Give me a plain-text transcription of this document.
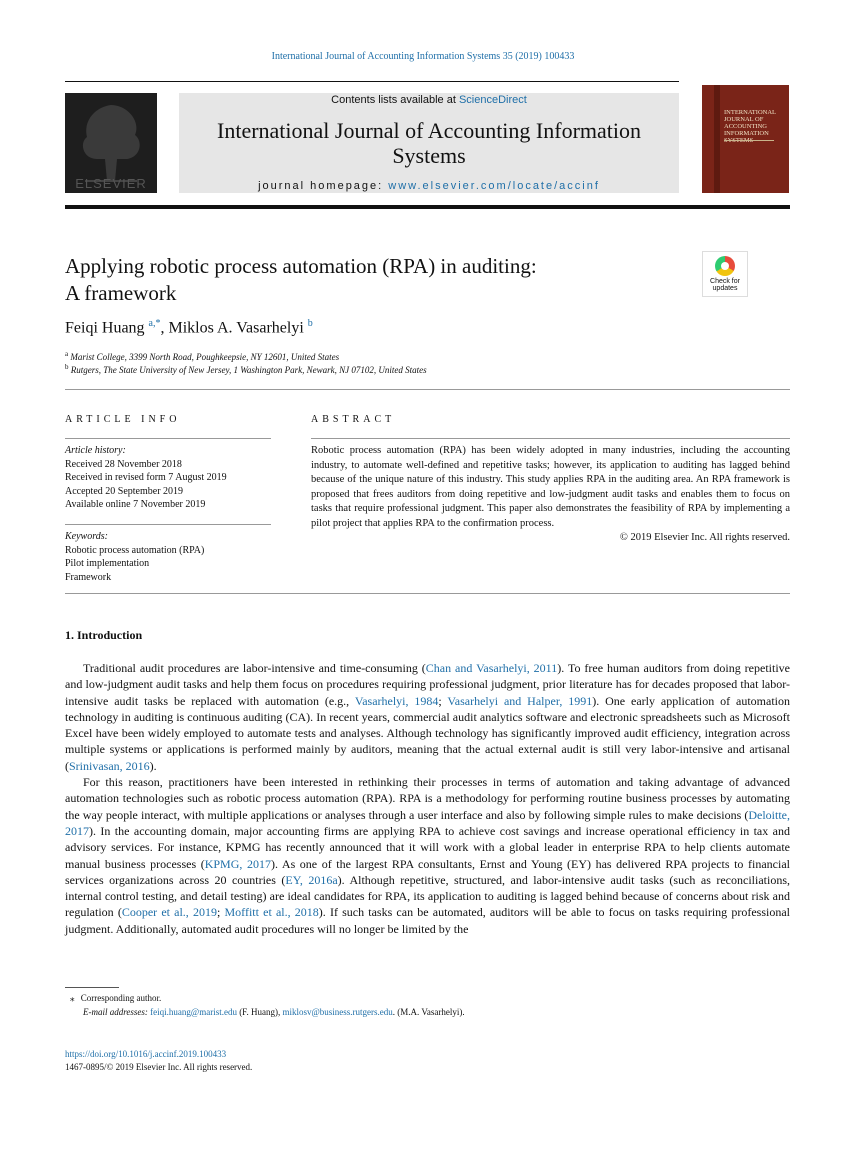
International Journal of Accounting Information Systems 35 (2019) 100433
ELSEVIER
Contents lists available at ScienceDirect
International Journal of Accounting Information Systems
journal homepage: www.elsevier.com/locate/accinf
INTERNATIONAL JOURNAL OF ACCOUNTING INFORMATION
Applying robotic process automation (RPA) in auditing:
A framework	Check for updates
Feiqi Huang $^{a,*}$, Miklos A. Vasarhelyi $^b$
$^a$ Marist College, 3399 North Road, Poughkeepsie, NY 12601, United States
$^b$ Rutgers, The State University of New Jersey, 1 Washington Park, Newark, NJ 07102, United States
ARTICLE INFO
Article history:
Received 28 November 2018
Received in revised form 7 August 2019
Accepted 20 September 2019
Available online 7 November 2019
Keywords:
Robotic process automation (RPA)
Pilot implementation
Framework
ABSTRACT
Robotic process automation (RPA) has been widely adopted in many industries, including the accounting industry, to automate well-defined and repetitive tasks; however, its application to auditing has lagged behind because of the unique nature of this industry. This study applies RPA in the auditing area. An RPA framework is proposed that frees auditors from doing repetitive and low-judgment audit tasks and enables them to focus on tasks that require professional judgment. This paper also demonstrates the feasibility of RPA by implementing a pilot project that applies RPA to the confirmation process.
© 2019 Elsevier Inc. All rights reserved.
1. Introduction

Traditional audit procedures are labor-intensive and time-consuming (Chan and Vasarhelyi, 2011). To free human auditors from doing repetitive and low-judgment audit tasks and help them focus on procedures requiring professional judgment, prior literature has for decades proposed that labor-intensive audit tasks be replaced with automation (e.g., Vasarhelyi, 1984; Vasarhelyi and Halper, 1991). One early application of automation technology in auditing is continuous auditing (CA). In recent years, commercial audit analytics software and electronic spreadsheets such as Microsoft Excel have been widely employed to automate tests and analyses. Although technology has significantly improved audit efficiency, integration across multiple systems or applications is performed mainly by auditors, meaning that the actual external audit is still very labor-intensive and artisanal (Srinivasan, 2016).

For this reason, practitioners have been interested in rethinking their processes in terms of automation and taking advantage of advanced automation technologies such as robotic process automation (RPA). RPA is a methodology for performing routine business processes by automating the way people interact, with multiple applications or analyses through a user interface and also by following simple rules to make decisions (Deloitte, 2017). In the accounting domain, major accounting firms are applying RPA to achieve cost savings and increase operational efficiency in tax and advisory services. For instance, KPMG has recently announced that it will work with a global leader in enterprise RPA to help clients automate manual business processes (KPMG, 2017). As one of the largest RPA consultants, Ernst and Young (EY) has delivered RPA projects to financial services organizations across 20 countries (EY, 2016a). Although repetitive, structured, and labor-intensive audit tasks (such as reconciliations, internal control testing, and detail testing) are ideal candidates for RPA, its application to auditing is lagged behind because of concerns about risk and regulation (Cooper et al., 2019; Moffitt et al., 2018). If such tasks can be automated, auditors will be able to focus on tasks requiring professional judgment. Additionally, automated audit procedures will no longer be limited by the

⁎ Corresponding author.
E-mail addresses: feiqi.huang@marist.edu (F. Huang), miklosv@business.rutgers.edu. (M.A. Vasarhelyi).
https://doi.org/10.1016/j.accinf.2019.100433
1467-0895/© 2019 Elsevier Inc. All rights reserved.
